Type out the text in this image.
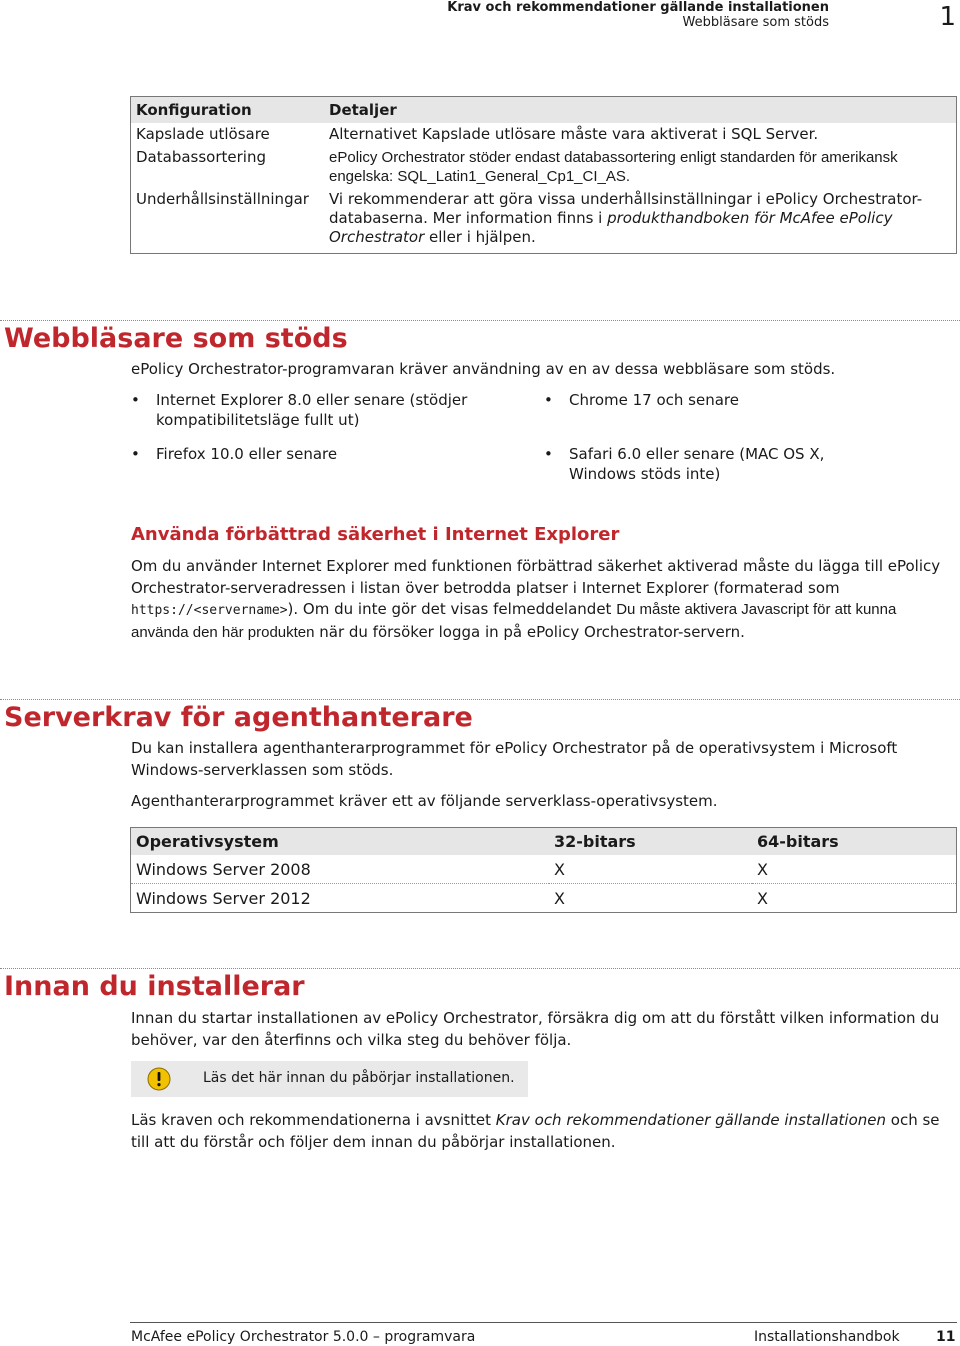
Krav och rekommendationer gällande installationen
Webbläsare som stöds	1
Konfiguration	Detaljer
Kapslade utlösare	Alternativet Kapslade utlösare måste vara aktiverat i SQL Server.
Databassortering	ePolicy Orchestrator stöder endast databassortering enligt standarden för amerikansk engelska: SQL_Latin1_General_Cp1_CI_AS.
Underhållsinställningar	Vi rekommenderar att göra vissa underhållsinställningar i ePolicy Orchestrator-databaserna. Mer information finns i produkthandboken för McAfee ePolicy Orchestrator eller i hjälpen.
Webbläsare som stöds

ePolicy Orchestrator-programvaran kräver användning av en av dessa webbläsare som stöds.

• Internet Explorer 8.0 eller senare (stödjer kompatibilitetsläge fullt ut)
• Chrome 17 och senare
• Firefox 10.0 eller senare	• Safari 6.0 eller senare (MAC OS X, Windows stöds inte)
Använda förbättrad säkerhet i Internet Explorer

Om du använder Internet Explorer med funktionen förbättrad säkerhet aktiverad måste du lägga till ePolicy Orchestrator-serveradressen i listan över betrodda platser i Internet Explorer (formaterad som https://<servername>). Om du inte gör det visas felmeddelandet Du måste aktivera Javascript för att kunna använda den här produkten när du försöker logga in på ePolicy Orchestrator-servern.

Serverkrav för agenthanterare

Du kan installera agenthanterarprogrammet för ePolicy Orchestrator på de operativsystem i Microsoft Windows-serverklassen som stöds.

Agenthanterarprogrammet kräver ett av följande serverklass-operativsystem.

Operativsystem	32-bitars	64-bitars
Windows Server 2008	X	X
Windows Server 2012	X	X
Innan du installerar

Innan du startar installationen av ePolicy Orchestrator, försäkra dig om att du förstått vilken information du behöver, var den återfinns och vilka steg du behöver följa.

Läs det här innan du påbörjar installationen.

Läs kraven och rekommendationerna i avsnittet Krav och rekommendationer gällande installationen och se till att du förstår och följer dem innan du påbörjar installationen.

McAfee ePolicy Orchestrator 5.0.0 – programvara	Installationshandbok	11
